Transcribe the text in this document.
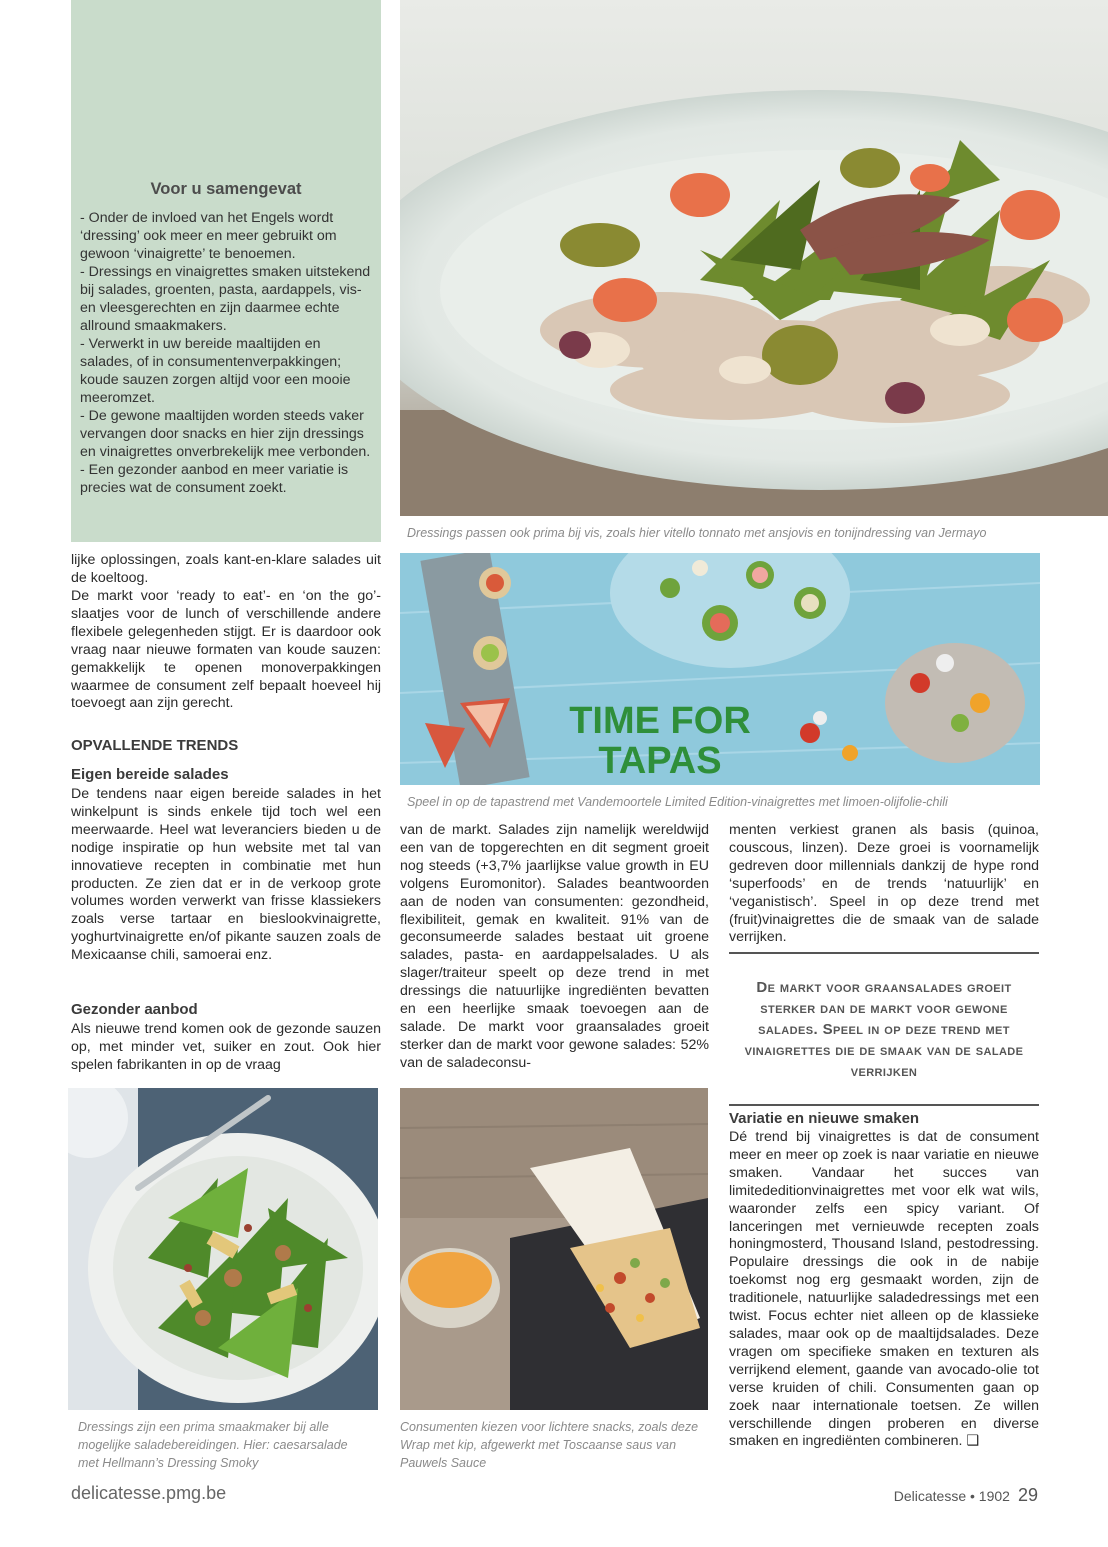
Voor u samengevat
- Onder de invloed van het Engels wordt ‘dressing’ ook meer en meer gebruikt om gewoon ‘vinaigrette’ te benoemen.
- Dressings en vinaigrettes smaken uitstekend bij salades, groenten, pasta, aardappels, vis- en vleesgerechten en zijn daarmee echte allround smaakmakers.
- Verwerkt in uw bereide maaltijden en salades, of in consumentenverpakkingen; koude sauzen zorgen altijd voor een mooie meeromzet.
- De gewone maaltijden worden steeds vaker vervangen door snacks en hier zijn dressings en vinaigrettes onverbrekelijk mee verbonden.
- Een gezonder aanbod en meer variatie is precies wat de consument zoekt.
Dressings passen ook prima bij vis, zoals hier vitello tonnato met ansjovis en tonijndressing van Jermayo
TIME FOR
TAPAS
Speel in op de tapastrend met Vandemoortele Limited Edition-vinaigrettes met limoen-olijfolie-chili
lijke oplossingen, zoals kant-en-klare salades uit de koeltoog.
De markt voor ‘ready to eat’- en ‘on the go’-slaatjes voor de lunch of verschillende andere flexibele gelegenheden stijgt. Er is daardoor ook vraag naar nieuwe formaten van koude sauzen: gemakkelijk te openen monoverpakkingen waarmee de consument zelf bepaalt hoeveel hij toevoegt aan zijn gerecht.
OPVALLENDE TRENDS
Eigen bereide salades
De tendens naar eigen bereide salades in het winkelpunt is sinds enkele tijd toch wel een meerwaarde. Heel wat leveranciers bieden u de nodige inspiratie op hun website met tal van innovatieve recepten in combinatie met hun producten. Ze zien dat er in de verkoop grote volumes worden verwerkt van frisse klassiekers zoals verse tartaar en bieslookvinaigrette, yoghurtvinaigrette en/of pikante sauzen zoals de Mexicaanse chili, samoerai enz.
Gezonder aanbod
Als nieuwe trend komen ook de gezonde sauzen op, met minder vet, suiker en zout. Ook hier spelen fabrikanten in op de vraag
van de markt. Salades zijn namelijk wereldwijd een van de topgerechten en dit segment groeit nog steeds (+3,7% jaarlijkse value growth in EU volgens Euromonitor). Salades beantwoorden aan de noden van consumenten: gezondheid, flexibiliteit, gemak en kwaliteit. 91% van de geconsumeerde salades bestaat uit groene salades, pasta- en aardappelsalades. U als slager/traiteur speelt op deze trend in met dressings die natuurlijke ingrediënten bevatten en een heerlijke smaak toevoegen aan de salade. De markt voor graansalades groeit sterker dan de markt voor gewone salades: 52% van de saladeconsu-
menten verkiest granen als basis (quinoa, couscous, linzen). Deze groei is voornamelijk gedreven door millennials dankzij de hype rond ‘superfoods’ en de trends ‘natuurlijk’ en ‘veganistisch’. Speel in op deze trend met (fruit)vinaigrettes die de smaak van de salade verrijken.
De markt voor graansalades groeit sterker dan de markt voor gewone salades. Speel in op deze trend met vinaigrettes die de smaak van de salade verrijken
Variatie en nieuwe smaken
Dé trend bij vinaigrettes is dat de consument meer en meer op zoek is naar variatie en nieuwe smaken. Vandaar het succes van limitededitionvinaigrettes met voor elk wat wils, waaronder zelfs een spicy variant. Of lanceringen met vernieuwde recepten zoals honingmosterd, Thousand Island, pestodressing. Populaire dressings die ook in de nabije toekomst nog erg gesmaakt worden, zijn de traditionele, natuurlijke saladedressings met een twist. Focus echter niet alleen op de klassieke salades, maar ook op de maaltijdsalades. Deze vragen om specifieke smaken en texturen als verrijkend element, gaande van avocado-olie tot verse kruiden of chili. Consumenten gaan op zoek naar internationale toetsen. Ze willen verschillende dingen proberen en diverse smaken en ingrediënten combineren. ❑
Dressings zijn een prima smaakmaker bij alle mogelijke saladebereidingen. Hier: caesarsalade met Hellmann’s Dressing Smoky
Consumenten kiezen voor lichtere snacks, zoals deze Wrap met kip, afgewerkt met Toscaanse saus van Pauwels Sauce
delicatesse.pmg.be	Delicatesse • 1902 29
